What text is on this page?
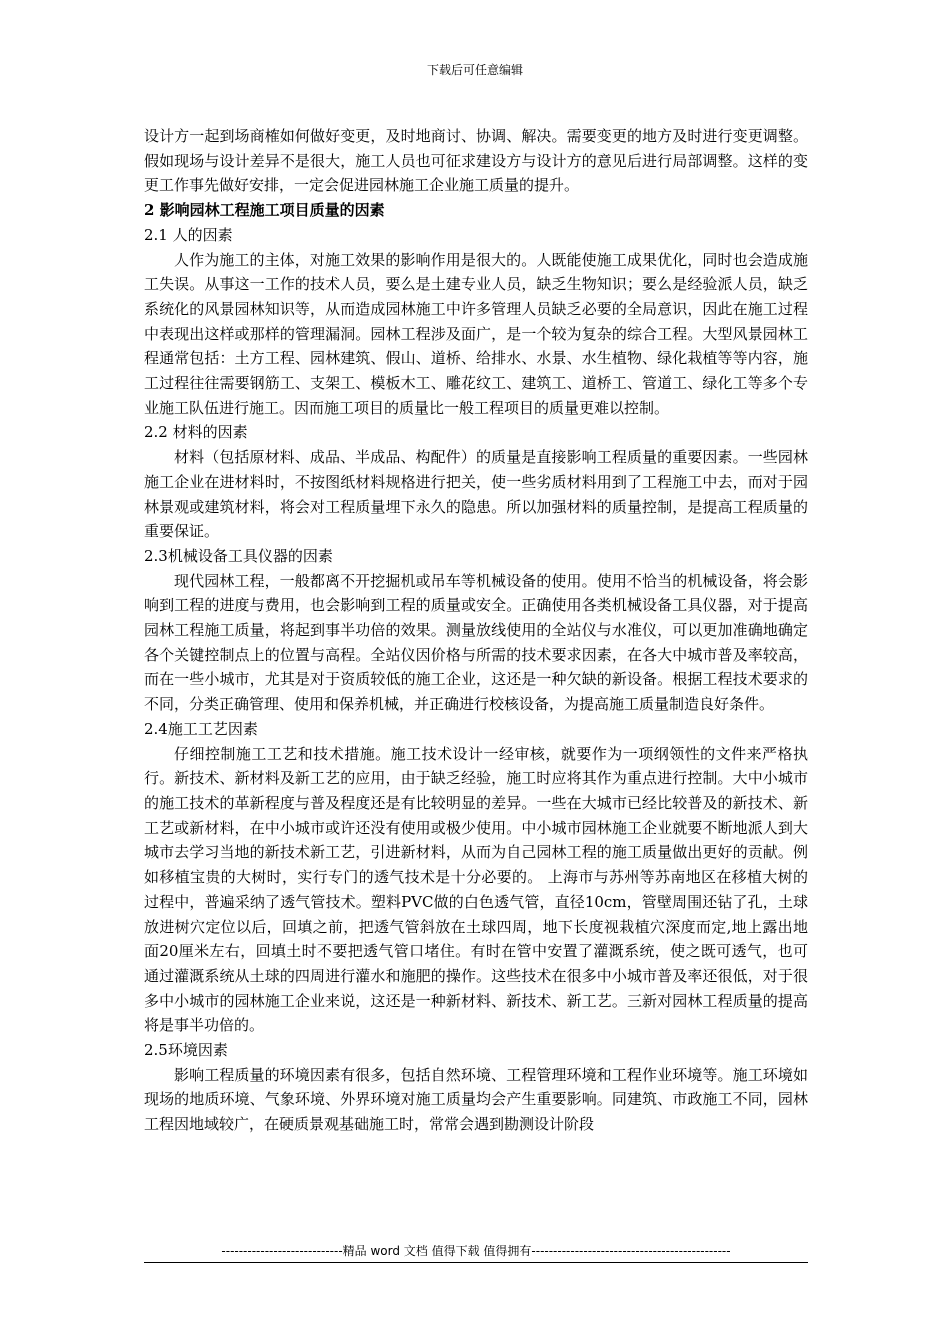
下载后可任意编辑

设计方一起到场商榷如何做好变更，及时地商讨、协调、解决。需要变更的地方及时进行变更调整。假如现场与设计差异不是很大，施工人员也可征求建设方与设计方的意见后进行局部调整。这样的变更工作事先做好安排，一定会促进园林施工企业施工质量的提升。

2 影响园林工程施工项目质量的因素
2.1 人的因素

人作为施工的主体，对施工效果的影响作用是很大的。人既能使施工成果优化，同时也会造成施工失误。从事这一工作的技术人员，要么是土建专业人员，缺乏生物知识；要么是经验派人员，缺乏系统化的风景园林知识等，从而造成园林施工中许多管理人员缺乏必要的全局意识，因此在施工过程中表现出这样或那样的管理漏洞。园林工程涉及面广，是一个较为复杂的综合工程。大型风景园林工程通常包括：土方工程、园林建筑、假山、道桥、给排水、水景、水生植物、绿化栽植等等内容，施工过程往往需要钢筋工、支架工、模板木工、雕花纹工、建筑工、道桥工、管道工、绿化工等多个专业施工队伍进行施工。因而施工项目的质量比一般工程项目的质量更难以控制。

2.2 材料的因素

材料（包括原材料、成品、半成品、构配件）的质量是直接影响工程质量的重要因素。一些园林施工企业在进材料时，不按图纸材料规格进行把关，使一些劣质材料用到了工程施工中去，而对于园林景观或建筑材料，将会对工程质量埋下永久的隐患。所以加强材料的质量控制，是提高工程质量的重要保证。

2.3机械设备工具仪器的因素

现代园林工程，一般都离不开挖掘机或吊车等机械设备的使用。使用不恰当的机械设备，将会影响到工程的进度与费用，也会影响到工程的质量或安全。正确使用各类机械设备工具仪器，对于提高园林工程施工质量，将起到事半功倍的效果。测量放线使用的全站仪与水准仪，可以更加准确地确定各个关键控制点上的位置与高程。全站仪因价格与所需的技术要求因素，在各大中城市普及率较高，而在一些小城市，尤其是对于资质较低的施工企业，这还是一种欠缺的新设备。根据工程技术要求的不同，分类正确管理、使用和保养机械，并正确进行校核设备，为提高施工质量制造良好条件。

2.4施工工艺因素

仔细控制施工工艺和技术措施。施工技术设计一经审核，就要作为一项纲领性的文件来严格执行。新技术、新材料及新工艺的应用，由于缺乏经验，施工时应将其作为重点进行控制。大中小城市的施工技术的革新程度与普及程度还是有比较明显的差异。一些在大城市已经比较普及的新技术、新工艺或新材料，在中小城市或许还没有使用或极少使用。中小城市园林施工企业就要不断地派人到大城市去学习当地的新技术新工艺，引进新材料，从而为自己园林工程的施工质量做出更好的贡献。例如移植宝贵的大树时，实行专门的透气技术是十分必要的。 上海市与苏州等苏南地区在移植大树的过程中，普遍采纳了透气管技术。塑料PVC做的白色透气管，直径10cm，管壁周围还钻了孔，土球放进树穴定位以后，回填之前，把透气管斜放在土球四周，地下长度视栽植穴深度而定,地上露出地面20厘米左右，回填土时不要把透气管口堵住。有时在管中安置了灌溉系统，使之既可透气，也可通过灌溉系统从土球的四周进行灌水和施肥的操作。这些技术在很多中小城市普及率还很低，对于很多中小城市的园林施工企业来说，这还是一种新材料、新技术、新工艺。三新对园林工程质量的提高将是事半功倍的。

2.5环境因素

影响工程质量的环境因素有很多，包括自然环境、工程管理环境和工程作业环境等。施工环境如现场的地质环境、气象环境、外界环境对施工质量均会产生重要影响。同建筑、市政施工不同，园林工程因地域较广，在硬质景观基础施工时，常常会遇到勘测设计阶段

----------------------------精品 word 文档 值得下载 值得拥有----------------------------------------------
